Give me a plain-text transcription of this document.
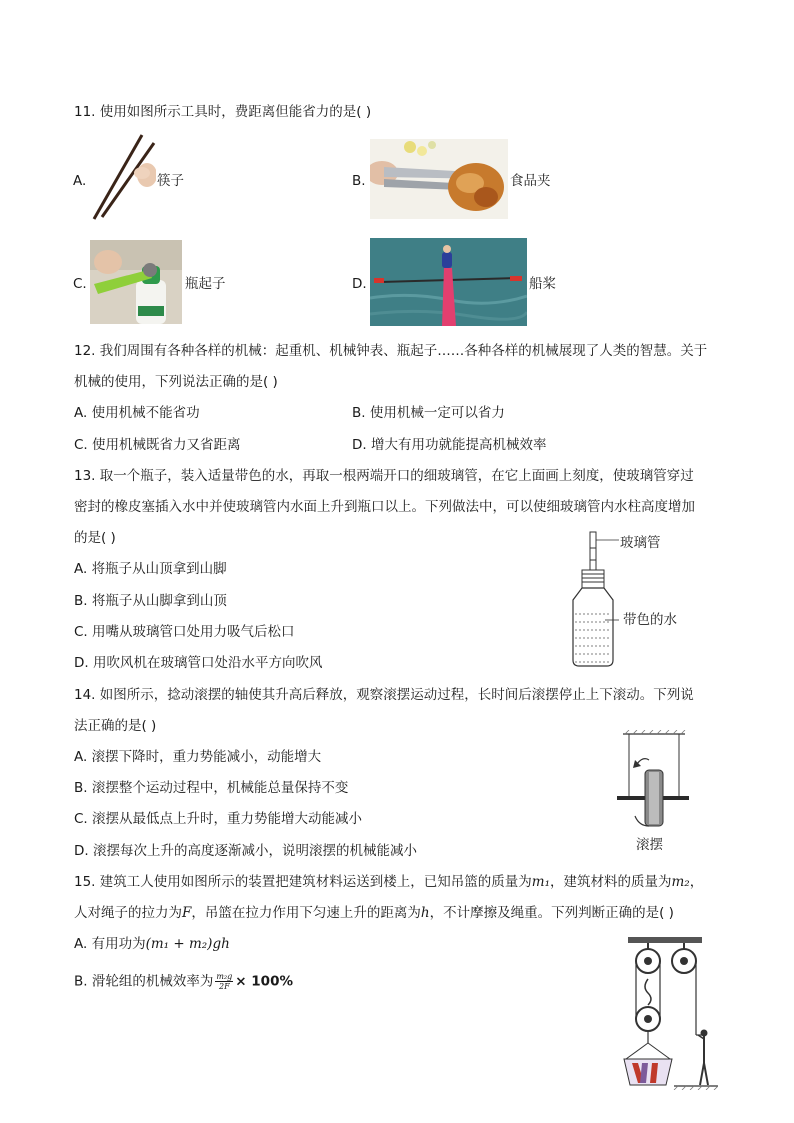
11. 使用如图所示工具时，费距离但能省力的是( )
A.	筷子	B.	食品夹
C.	瓶起子	D.	船桨
12. 我们周围有各种各样的机械：起重机、机械钟表、瓶起子……各种各样的机械展现了人类的智慧。关于
机械的使用，下列说法正确的是( )
A. 使用机械不能省功	B. 使用机械一定可以省力
C. 使用机械既省力又省距离	D. 增大有用功就能提高机械效率
13. 取一个瓶子，装入适量带色的水，再取一根两端开口的细玻璃管，在它上面画上刻度，使玻璃管穿过
密封的橡皮塞插入水中并使玻璃管内水面上升到瓶口以上。下列做法中，可以使细玻璃管内水柱高度增加
的是( )
A. 将瓶子从山顶拿到山脚
B. 将瓶子从山脚拿到山顶
C. 用嘴从玻璃管口处用力吸气后松口
D. 用吹风机在玻璃管口处沿水平方向吹风
玻璃管
带色的水
14. 如图所示，捻动滚摆的轴使其升高后释放，观察滚摆运动过程，长时间后滚摆停止上下滚动。下列说
法正确的是( )
A. 滚摆下降时，重力势能减小，动能增大
B. 滚摆整个运动过程中，机械能总量保持不变
C. 滚摆从最低点上升时，重力势能增大动能减小
D. 滚摆每次上升的高度逐渐减小，说明滚摆的机械能减小	滚摆
15. 建筑工人使用如图所示的装置把建筑材料运送到楼上，已知吊篮的质量为m₁，建筑材料的质量为m₂，
人对绳子的拉力为F，吊篮在拉力作用下匀速上升的距离为h，不计摩擦及绳重。下列判断正确的是( )
A. 有用功为(m₁ + m₂)gh
B. 滑轮组的机械效率为 $\frac{\text{m₂g}}{2F} \times 100\%$
